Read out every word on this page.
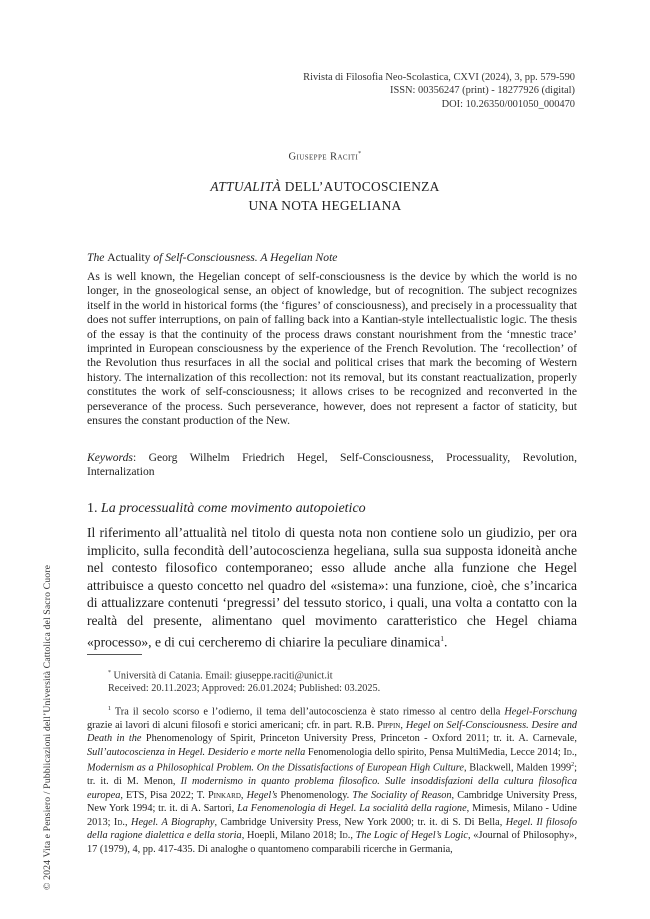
Rivista di Filosofia Neo-Scolastica, CXVI (2024), 3, pp. 579-590
ISSN: 00356247 (print) - 18277926 (digital)
DOI: 10.26350/001050_000470
Giuseppe Raciti*
ATTUALITÀ DELL’AUTOCOSCIENZA
UNA NOTA HEGELIANA
The Actuality of Self-Consciousness. A Hegelian Note
As is well known, the Hegelian concept of self-consciousness is the device by which the world is no longer, in the gnoseological sense, an object of knowledge, but of recognition. The subject recognizes itself in the world in historical forms (the ‘figures’ of consciousness), and precisely in a processuality that does not suffer interruptions, on pain of falling back into a Kantian-style intellectualistic logic. The thesis of the essay is that the continuity of the process draws constant nourishment from the ‘mnestic trace’ imprinted in European consciousness by the experience of the French Revolution. The ‘recollection’ of the Revolution thus resurfaces in all the social and political crises that mark the becoming of Western history. The internalization of this recollection: not its removal, but its constant reactualization, properly constitutes the work of self-consciousness; it allows crises to be recognized and reconverted in the perseverance of the process. Such perseverance, however, does not represent a factor of staticity, but ensures the constant production of the New.
Keywords: Georg Wilhelm Friedrich Hegel, Self-Consciousness, Processuality, Revolution, Internalization
1. La processualità come movimento autopoietico
Il riferimento all’attualità nel titolo di questa nota non contiene solo un giudizio, per ora implicito, sulla fecondità dell’autocoscienza hegeliana, sulla sua supposta idoneità anche nel contesto filosofico contemporaneo; esso allude anche alla funzione che Hegel attribuisce a questo concetto nel quadro del «sistema»: una funzione, cioè, che s’incarica di attualizzare contenuti ‘pregressi’ del tessuto storico, i quali, una volta a contatto con la realtà del presente, alimentano quel movimento caratteristico che Hegel chiama «processo», e di cui cercheremo di chiarire la peculiare dinamica$^1$.
* Università di Catania. Email: giuseppe.raciti@unict.it
Received: 20.11.2023; Approved: 26.01.2024; Published: 03.2025.
$^1$ Tra il secolo scorso e l’odierno, il tema dell’autocoscienza è stato rimesso al centro della Hegel-Forschung grazie ai lavori di alcuni filosofi e storici americani; cfr. in part. R.B. Pippin, Hegel on Self-Consciousness. Desire and Death in the Phenomenology of Spirit, Princeton University Press, Princeton - Oxford 2011; tr. it. A. Carnevale, Sull’autocoscienza in Hegel. Desiderio e morte nella Fenomenologia dello spirito, Pensa MultiMedia, Lecce 2014; Id., Modernism as a Philosophical Problem. On the Dissatisfactions of European High Culture, Blackwell, Malden 1999$^2$; tr. it. di M. Menon, Il modernismo in quanto problema filosofico. Sulle insoddisfazioni della cultura filosofica europea, ETS, Pisa 2022; T. Pinkard, Hegel’s Phenomenology. The Sociality of Reason, Cambridge University Press, New York 1994; tr. it. di A. Sartori, La Fenomenologia di Hegel. La socialità della ragione, Mimesis, Milano - Udine 2013; Id., Hegel. A Biography, Cambridge University Press, New York 2000; tr. it. di S. Di Bella, Hegel. Il filosofo della ragione dialettica e della storia, Hoepli, Milano 2018; Id., The Logic of Hegel’s Logic, «Journal of Philosophy», 17 (1979), 4, pp. 417-435. Di analoghe o quantomeno comparabili ricerche in Germania,
© 2024 Vita e Pensiero / Pubblicazioni dell’Università Cattolica del Sacro Cuore
